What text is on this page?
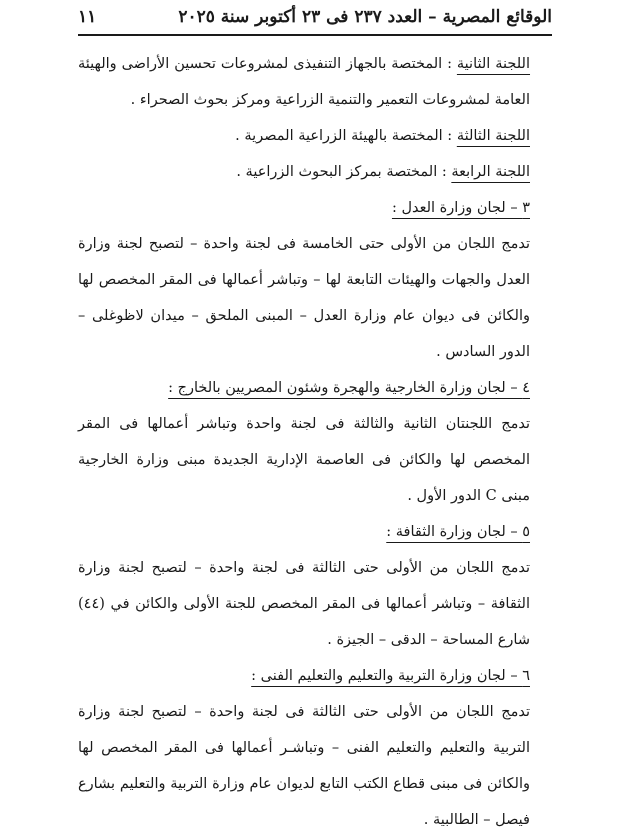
الوقائع المصرية – العدد ٢٣٧ فى ٢٣ أكتوبر سنة ٢٠٢٥
١١

اللجنة الثانية : المختصة بالجهاز التنفيذى لمشروعات تحسين الأراضى والهيئة العامة لمشروعات التعمير والتنمية الزراعية ومركز بحوث الصحراء .

اللجنة الثالثة : المختصة بالهيئة الزراعية المصرية .

اللجنة الرابعة : المختصة بمركز البحوث الزراعية .

٣ – لجان وزارة العدل :

تدمج اللجان من الأولى حتى الخامسة فى لجنة واحدة – لتصبح لجنة وزارة العدل والجهات والهيئات التابعة لها – وتباشر أعمالها فى المقر المخصص لها والكائن فى ديوان عام وزارة العدل – المبنى الملحق – ميدان لاظوغلى – الدور السادس .

٤ – لجان وزارة الخارجية والهجرة وشئون المصريين بالخارج :

تدمج اللجنتان الثانية والثالثة فى لجنة واحدة وتباشر أعمالها فى المقر المخصص لها والكائن فى العاصمة الإدارية الجديدة مبنى وزارة الخارجية مبنى C الدور الأول .

٥ – لجان وزارة الثقافة :

تدمج اللجان من الأولى حتى الثالثة فى لجنة واحدة – لتصبح لجنة وزارة الثقافة – وتباشر أعمالها فى المقر المخصص للجنة الأولى والكائن في (٤٤) شارع المساحة – الدقى – الجيزة .

٦ – لجان وزارة التربية والتعليم والتعليم الفنى :

تدمج اللجان من الأولى حتى الثالثة فى لجنة واحدة – لتصبح لجنة وزارة التربية والتعليم والتعليم الفنى – وتباشـر أعمالها فى المقر المخصص لها والكائن فى مبنى قطاع الكتب التابع لديوان عام وزارة التربية والتعليم بشارع فيصل – الطالبية .
